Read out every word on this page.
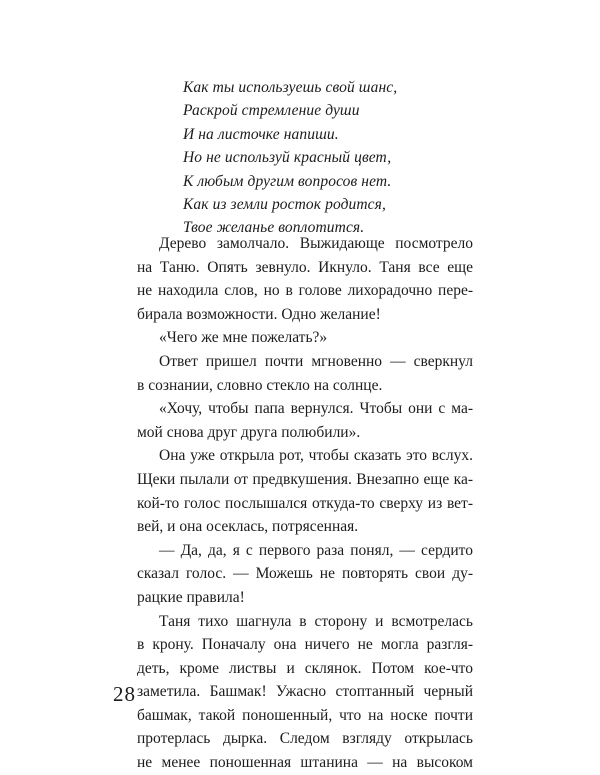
Как ты используешь свой шанс,
Раскрой стремление души
И на листочке напиши.
Но не используй красный цвет,
К любым другим вопросов нет.
Как из земли росток родится,
Твое желанье воплотится.
Дерево замолчало. Выжидающе посмотрело
на Таню. Опять зевнуло. Икнуло. Таня все еще
не находила слов, но в голове лихорадочно пере-
бирала возможности. Одно желание!
«Чего же мне пожелать?»
Ответ пришел почти мгновенно — сверкнул
в сознании, словно стекло на солнце.
«Хочу, чтобы папа вернулся. Чтобы они с ма-
мой снова друг друга полюбили».
Она уже открыла рот, чтобы сказать это вслух.
Щеки пылали от предвкушения. Внезапно еще ка-
кой-то голос послышался откуда-то сверху из вет-
вей, и она осеклась, потрясенная.
— Да, да, я с первого раза понял, — сердито
сказал голос. — Можешь не повторять свои ду-
рацкие правила!
Таня тихо шагнула в сторону и всмотрелась
в крону. Поначалу она ничего не могла разгля-
деть, кроме листвы и склянок. Потом кое-что
заметила. Башмак! Ужасно стоптанный черный
башмак, такой поношенный, что на носке почти
протерлась дырка. Следом взгляду открылась
не менее поношенная штанина — на высоком
28
